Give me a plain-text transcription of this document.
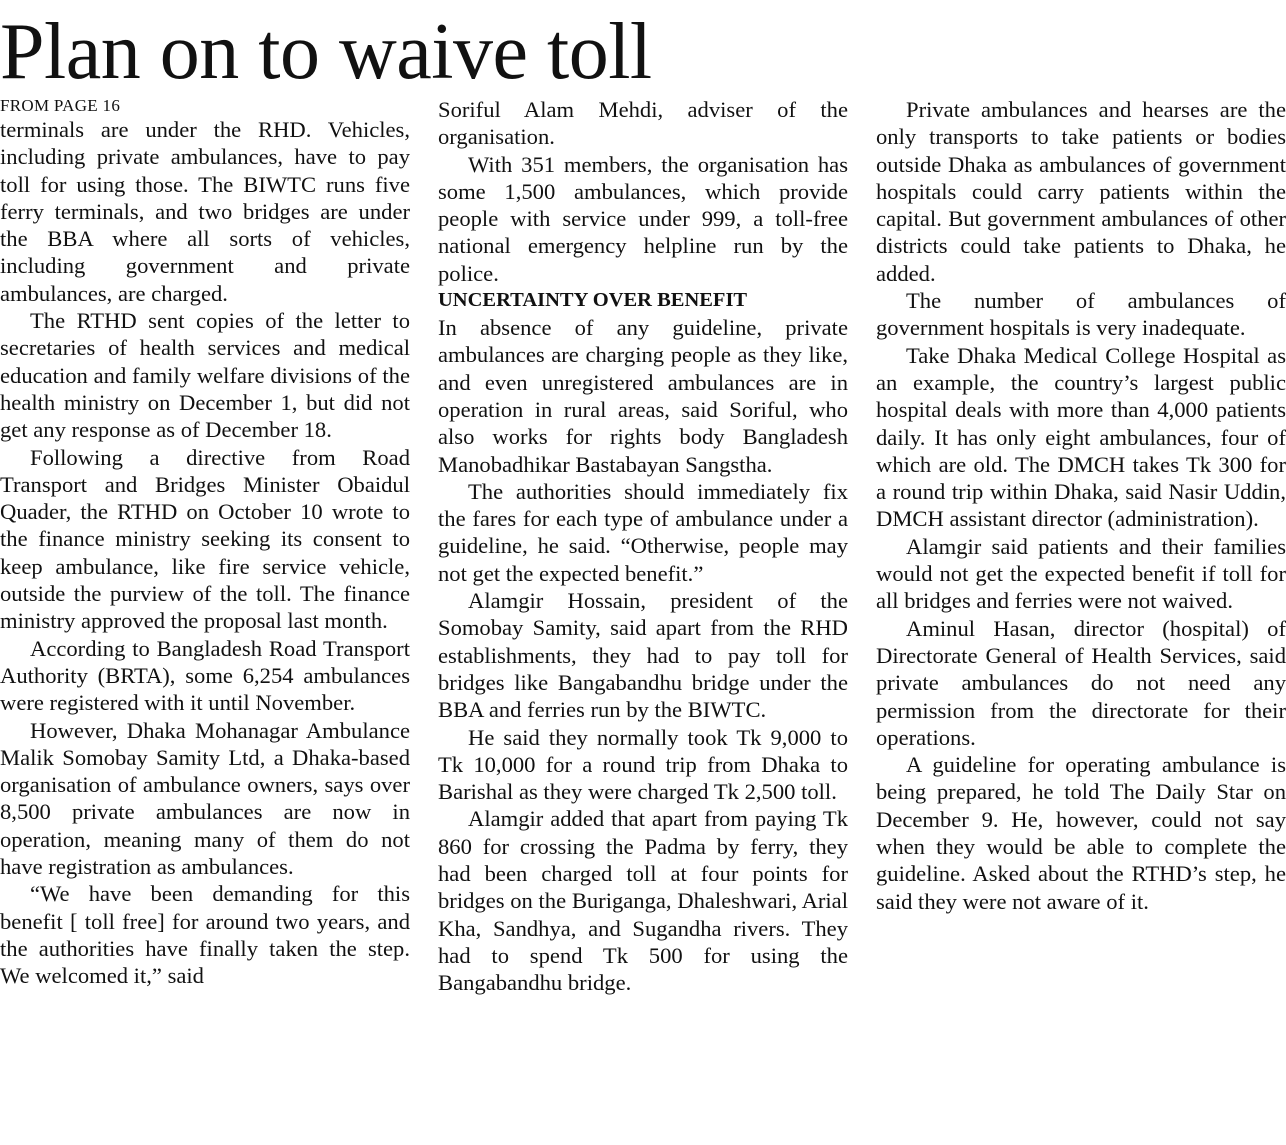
Plan on to waive toll
FROM PAGE 16

terminals are under the RHD. Vehicles, including private ambulances, have to pay toll for using those. The BIWTC runs five ferry terminals, and two bridges are under the BBA where all sorts of vehicles, including government and private ambulances, are charged.

The RTHD sent copies of the letter to secretaries of health services and medical education and family welfare divisions of the health ministry on December 1, but did not get any response as of December 18.

Following a directive from Road Transport and Bridges Minister Obaidul Quader, the RTHD on October 10 wrote to the finance ministry seeking its consent to keep ambulance, like fire service vehicle, outside the purview of the toll. The finance ministry approved the proposal last month.

According to Bangladesh Road Transport Authority (BRTA), some 6,254 ambulances were registered with it until November.

However, Dhaka Mohanagar Ambulance Malik Somobay Samity Ltd, a Dhaka-based organisation of ambulance owners, says over 8,500 private ambulances are now in operation, meaning many of them do not have registration as ambulances.

“We have been demanding for this benefit [ toll free] for around two years, and the authorities have finally taken the step. We welcomed it,” said

Soriful Alam Mehdi, adviser of the organisation.

With 351 members, the organisation has some 1,500 ambulances, which provide people with service under 999, a toll-free national emergency helpline run by the police.

UNCERTAINTY OVER BENEFIT

In absence of any guideline, private ambulances are charging people as they like, and even unregistered ambulances are in operation in rural areas, said Soriful, who also works for rights body Bangladesh Manobadhikar Bastabayan Sangstha.

The authorities should immediately fix the fares for each type of ambulance under a guideline, he said. “Otherwise, people may not get the expected benefit.”

Alamgir Hossain, president of the Somobay Samity, said apart from the RHD establishments, they had to pay toll for bridges like Bangabandhu bridge under the BBA and ferries run by the BIWTC.

He said they normally took Tk 9,000 to Tk 10,000 for a round trip from Dhaka to Barishal as they were charged Tk 2,500 toll.

Alamgir added that apart from paying Tk 860 for crossing the Padma by ferry, they had been charged toll at four points for bridges on the Buriganga, Dhaleshwari, Arial Kha, Sandhya, and Sugandha rivers. They had to spend Tk 500 for using the Bangabandhu bridge.

Private ambulances and hearses are the only transports to take patients or bodies outside Dhaka as ambulances of government hospitals could carry patients within the capital. But government ambulances of other districts could take patients to Dhaka, he added.

The number of ambulances of government hospitals is very inadequate.

Take Dhaka Medical College Hospital as an example, the country’s largest public hospital deals with more than 4,000 patients daily. It has only eight ambulances, four of which are old. The DMCH takes Tk 300 for a round trip within Dhaka, said Nasir Uddin, DMCH assistant director (administration).

Alamgir said patients and their families would not get the expected benefit if toll for all bridges and ferries were not waived.

Aminul Hasan, director (hospital) of Directorate General of Health Services, said private ambulances do not need any permission from the directorate for their operations.

A guideline for operating ambulance is being prepared, he told The Daily Star on December 9. He, however, could not say when they would be able to complete the guideline. Asked about the RTHD’s step, he said they were not aware of it.
